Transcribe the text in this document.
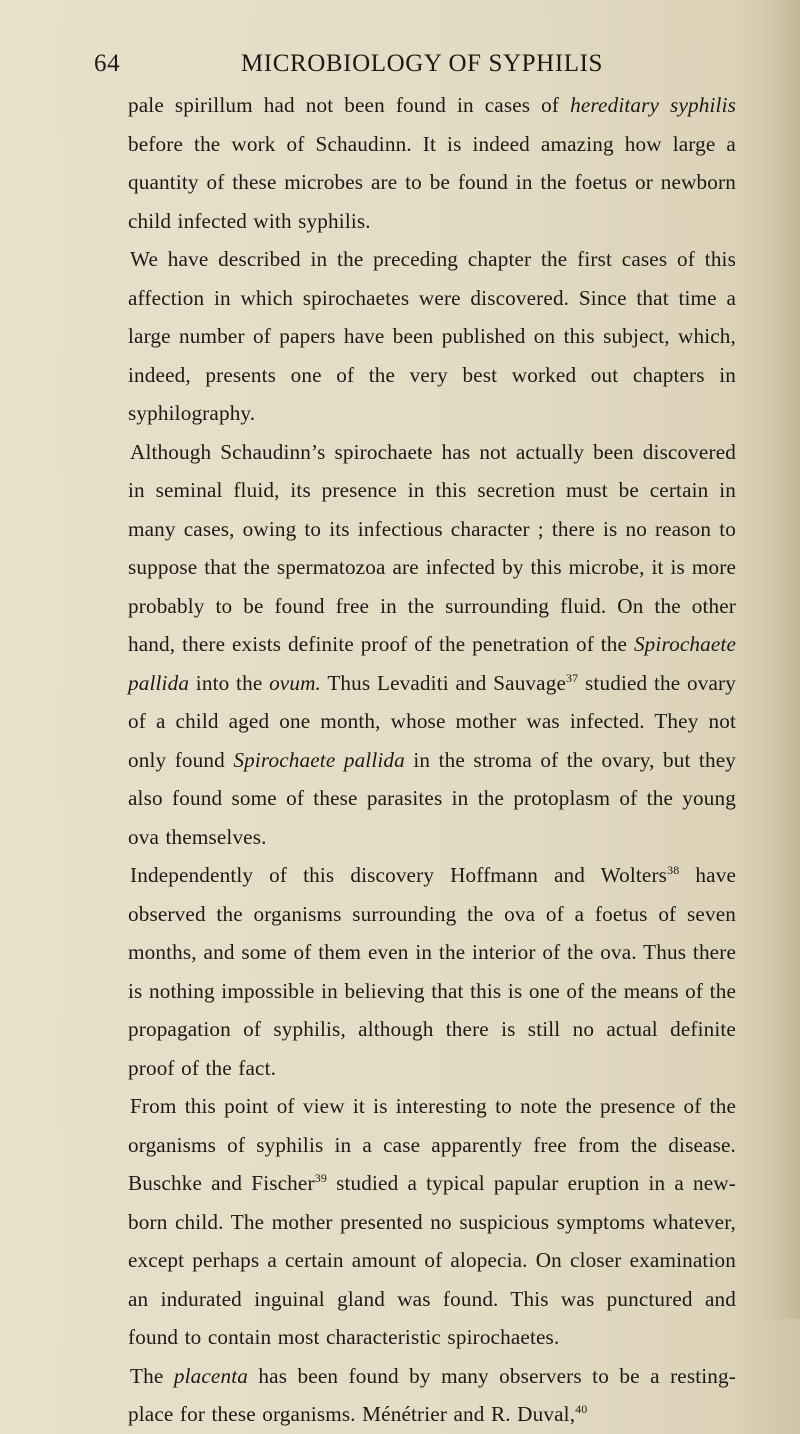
64	MICROBIOLOGY OF SYPHILIS

pale spirillum had not been found in cases of hereditary syphilis before the work of Schaudinn. It is indeed amazing how large a quantity of these microbes are to be found in the foetus or newborn child infected with syphilis.

We have described in the preceding chapter the first cases of this affection in which spirochaetes were discovered. Since that time a large number of papers have been published on this subject, which, indeed, presents one of the very best worked out chapters in syphilography.

Although Schaudinn’s spirochaete has not actually been discovered in seminal fluid, its presence in this secretion must be certain in many cases, owing to its infectious character ; there is no reason to suppose that the spermatozoa are infected by this microbe, it is more probably to be found free in the surrounding fluid. On the other hand, there exists definite proof of the penetration of the Spirochaete pallida into the ovum. Thus Levaditi and Sauvage$^{37}$ studied the ovary of a child aged one month, whose mother was infected. They not only found Spirochaete pallida in the stroma of the ovary, but they also found some of these parasites in the protoplasm of the young ova themselves.

Independently of this discovery Hoffmann and Wolters$^{38}$ have observed the organisms surrounding the ova of a foetus of seven months, and some of them even in the interior of the ova. Thus there is nothing impossible in believing that this is one of the means of the propagation of syphilis, although there is still no actual definite proof of the fact.

From this point of view it is interesting to note the presence of the organisms of syphilis in a case apparently free from the disease. Buschke and Fischer$^{39}$ studied a typical papular eruption in a new-born child. The mother presented no suspicious symptoms whatever, except perhaps a certain amount of alopecia. On closer examination an indurated inguinal gland was found. This was punctured and found to contain most characteristic spirochaetes.

The placenta has been found by many observers to be a resting-place for these organisms. Ménétrier and R. Duval,$^{40}$
